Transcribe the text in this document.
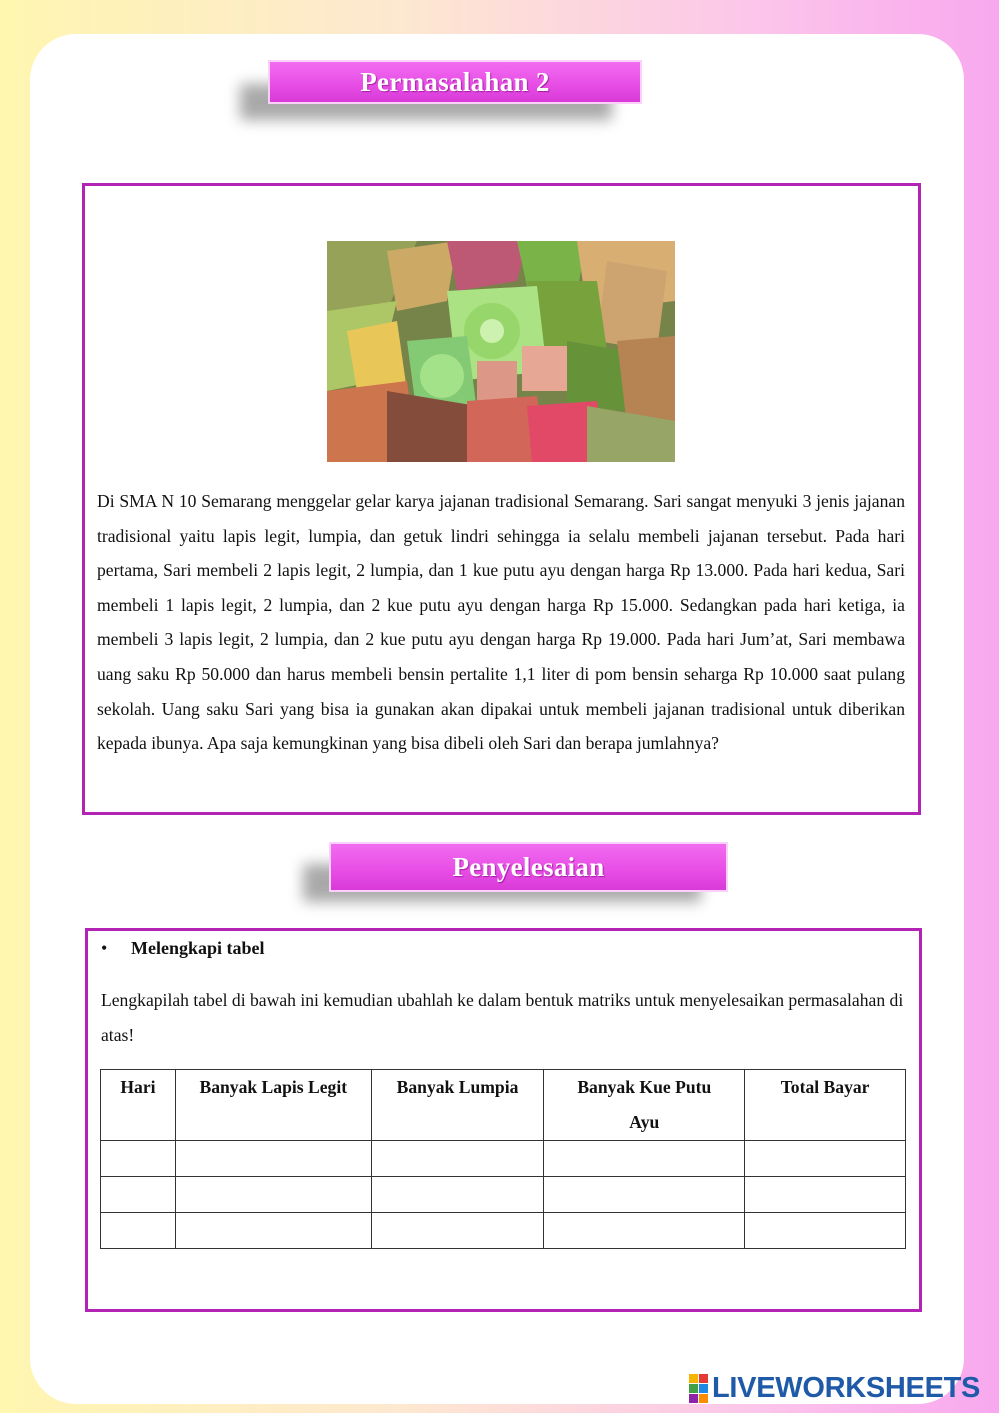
Permasalahan 2
Di SMA N 10 Semarang menggelar gelar karya jajanan tradisional Semarang. Sari sangat menyuki 3 jenis jajanan tradisional yaitu lapis legit, lumpia, dan getuk lindri sehingga ia selalu membeli jajanan tersebut. Pada hari pertama, Sari membeli 2 lapis legit, 2 lumpia, dan 1 kue putu ayu dengan harga Rp 13.000. Pada hari kedua, Sari membeli 1 lapis legit, 2 lumpia, dan 2 kue putu ayu dengan harga Rp 15.000. Sedangkan pada hari ketiga, ia membeli 3 lapis legit, 2 lumpia, dan 2 kue putu ayu dengan harga Rp 19.000. Pada hari Jum’at, Sari membawa uang saku Rp 50.000 dan harus membeli bensin pertalite 1,1 liter di pom bensin seharga Rp 10.000 saat pulang sekolah. Uang saku Sari yang bisa ia gunakan akan dipakai untuk membeli jajanan tradisional untuk diberikan kepada ibunya. Apa saja kemungkinan yang bisa dibeli oleh Sari dan berapa jumlahnya?
Penyelesaian
• Melengkapi tabel
Lengkapilah tabel di bawah ini kemudian ubahlah ke dalam bentuk matriks untuk menyelesaikan permasalahan di atas!
Hari	Banyak Lapis Legit	Banyak Lumpia	Banyak Kue Putu Ayu	Total Bayar

LIVEWORKSHEETS
